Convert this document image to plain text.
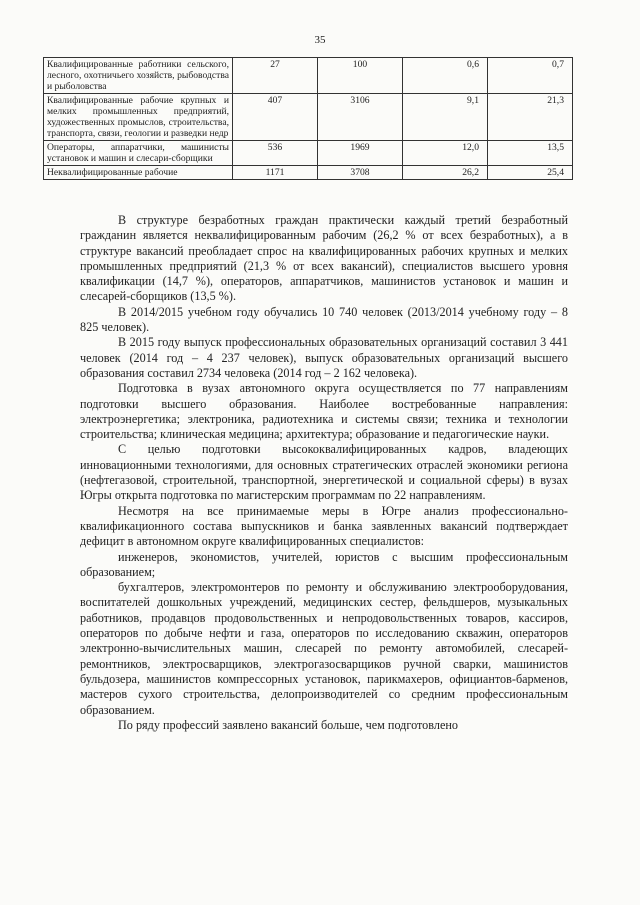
35
Квалифицированные работники сельского, лесного, охотничьего хозяйств, рыбоводства и рыболовства	27	100	0,6	0,7
Квалифицированные рабочие крупных и мелких промышленных предприятий, художественных промыслов, строительства, транспорта, связи, геологии и разведки недр	407	3106	9,1	21,3
Операторы, аппаратчики, машинисты установок и машин и слесари-сборщики	536	1969	12,0	13,5
Неквалифицированные рабочие	1171	3708	26,2	25,4

В структуре безработных граждан практически каждый третий безработный гражданин является неквалифицированным рабочим (26,2 % от всех безработных), а в структуре вакансий преобладает спрос на квалифицированных рабочих крупных и мелких промышленных предприятий (21,3 % от всех вакансий), специалистов высшего уровня квалификации (14,7 %), операторов, аппаратчиков, машинистов установок и машин и слесарей-сборщиков (13,5 %).

В 2014/2015 учебном году обучались 10 740 человек (2013/2014 учебному году – 8 825 человек).

В 2015 году выпуск профессиональных образовательных организаций составил 3 441 человек (2014 год – 4 237 человек), выпуск образовательных организаций высшего образования составил 2734 человека (2014 год – 2 162 человека).

Подготовка в вузах автономного округа осуществляется по 77 направлениям подготовки высшего образования. Наиболее востребованные направления: электроэнергетика; электроника, радиотехника и системы связи; техника и технологии строительства; клиническая медицина; архитектура; образование и педагогические науки.

С целью подготовки высококвалифицированных кадров, владеющих инновационными технологиями, для основных стратегических отраслей экономики региона (нефтегазовой, строительной, транспортной, энергетической и социальной сферы) в вузах Югры открыта подготовка по магистерским программам по 22 направлениям.

Несмотря на все принимаемые меры в Югре анализ профессионально-квалификационного состава выпускников и банка заявленных вакансий подтверждает дефицит в автономном округе квалифицированных специалистов:

инженеров, экономистов, учителей, юристов с высшим профессиональным образованием;

бухгалтеров, электромонтеров по ремонту и обслуживанию электрооборудования, воспитателей дошкольных учреждений, медицинских сестер, фельдшеров, музыкальных работников, продавцов продовольственных и непродовольственных товаров, кассиров, операторов по добыче нефти и газа, операторов по исследованию скважин, операторов электронно-вычислительных машин, слесарей по ремонту автомобилей, слесарей-ремонтников, электросварщиков, электрогазосварщиков ручной сварки, машинистов бульдозера, машинистов компрессорных установок, парикмахеров, официантов-барменов, мастеров сухого строительства, делопроизводителей со средним профессиональным образованием.

По ряду профессий заявлено вакансий больше, чем подготовлено
